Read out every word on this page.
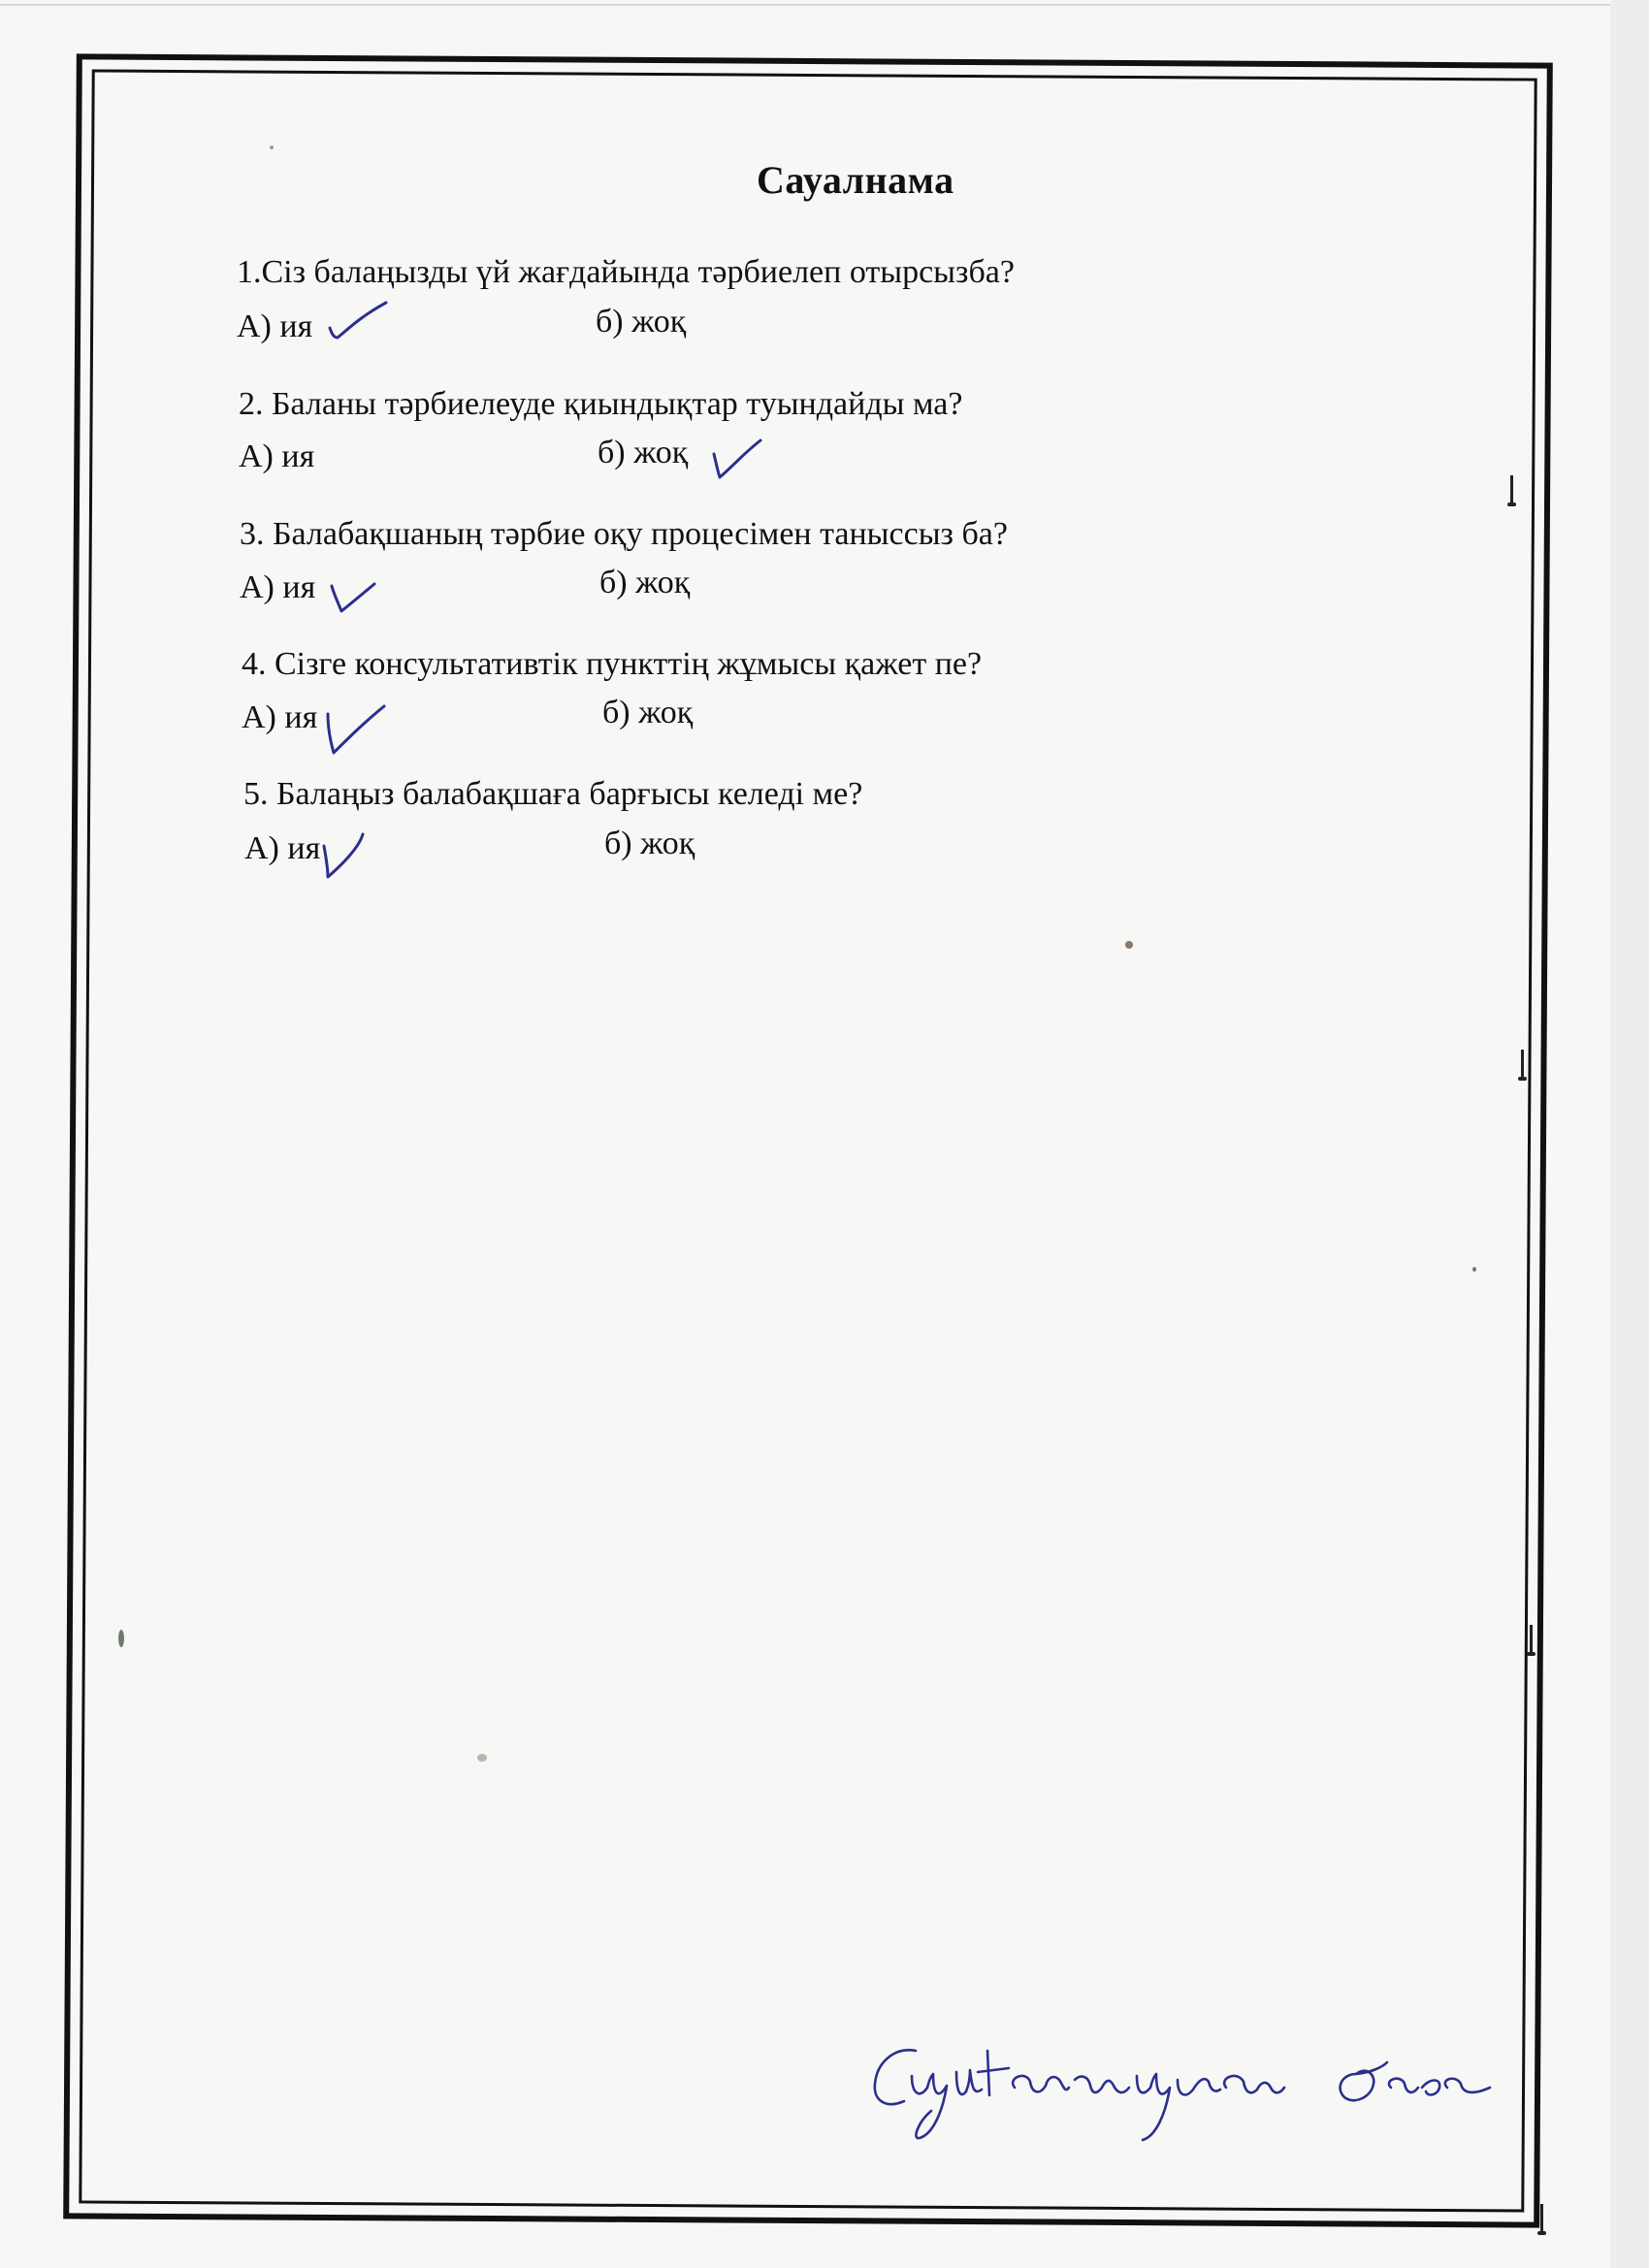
Сауалнама

1.Сіз балаңызды үй жағдайында тәрбиелеп отырсызба?

А) ия	б) жоқ

2. Баланы тәрбиелеуде қиындықтар туындайды ма?

А) ия	б) жоқ

3. Балабақшаның тәрбие оқу процесімен таныссыз ба?

А) ия	б) жоқ

4. Сізге консультативтік пункттің жұмысы қажет пе?

А) ия	б) жоқ

5. Балаңыз балабақшаға барғысы келеді ме?

А) ия	б) жоқ
